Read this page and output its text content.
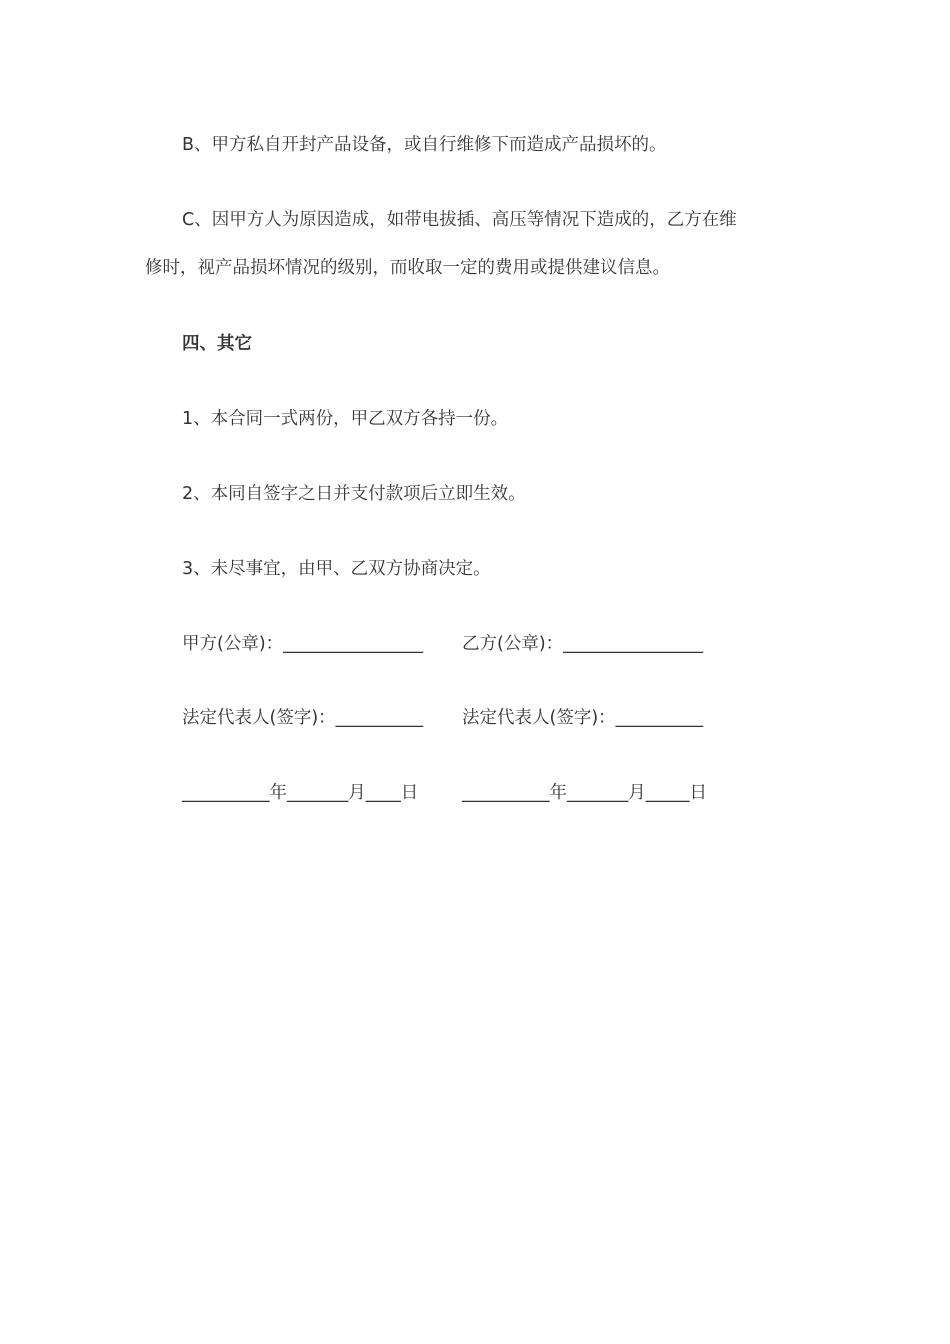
B、甲方私自开封产品设备，或自行维修下而造成产品损坏的。
C、因甲方人为原因造成，如带电拔插、高压等情况下造成的，乙方在维
修时，视产品损坏情况的级别，而收取一定的费用或提供建议信息。
四、其它
1、本合同一式两份，甲乙双方各持一份。
2、本同自签字之日并支付款项后立即生效。
3、未尽事宜，由甲、乙双方协商决定。
甲方(公章)：________________ 乙方(公章)：________________
法定代表人(签字)：__________ 法定代表人(签字)：__________
__________年_______月____日	__________年_______月_____日
